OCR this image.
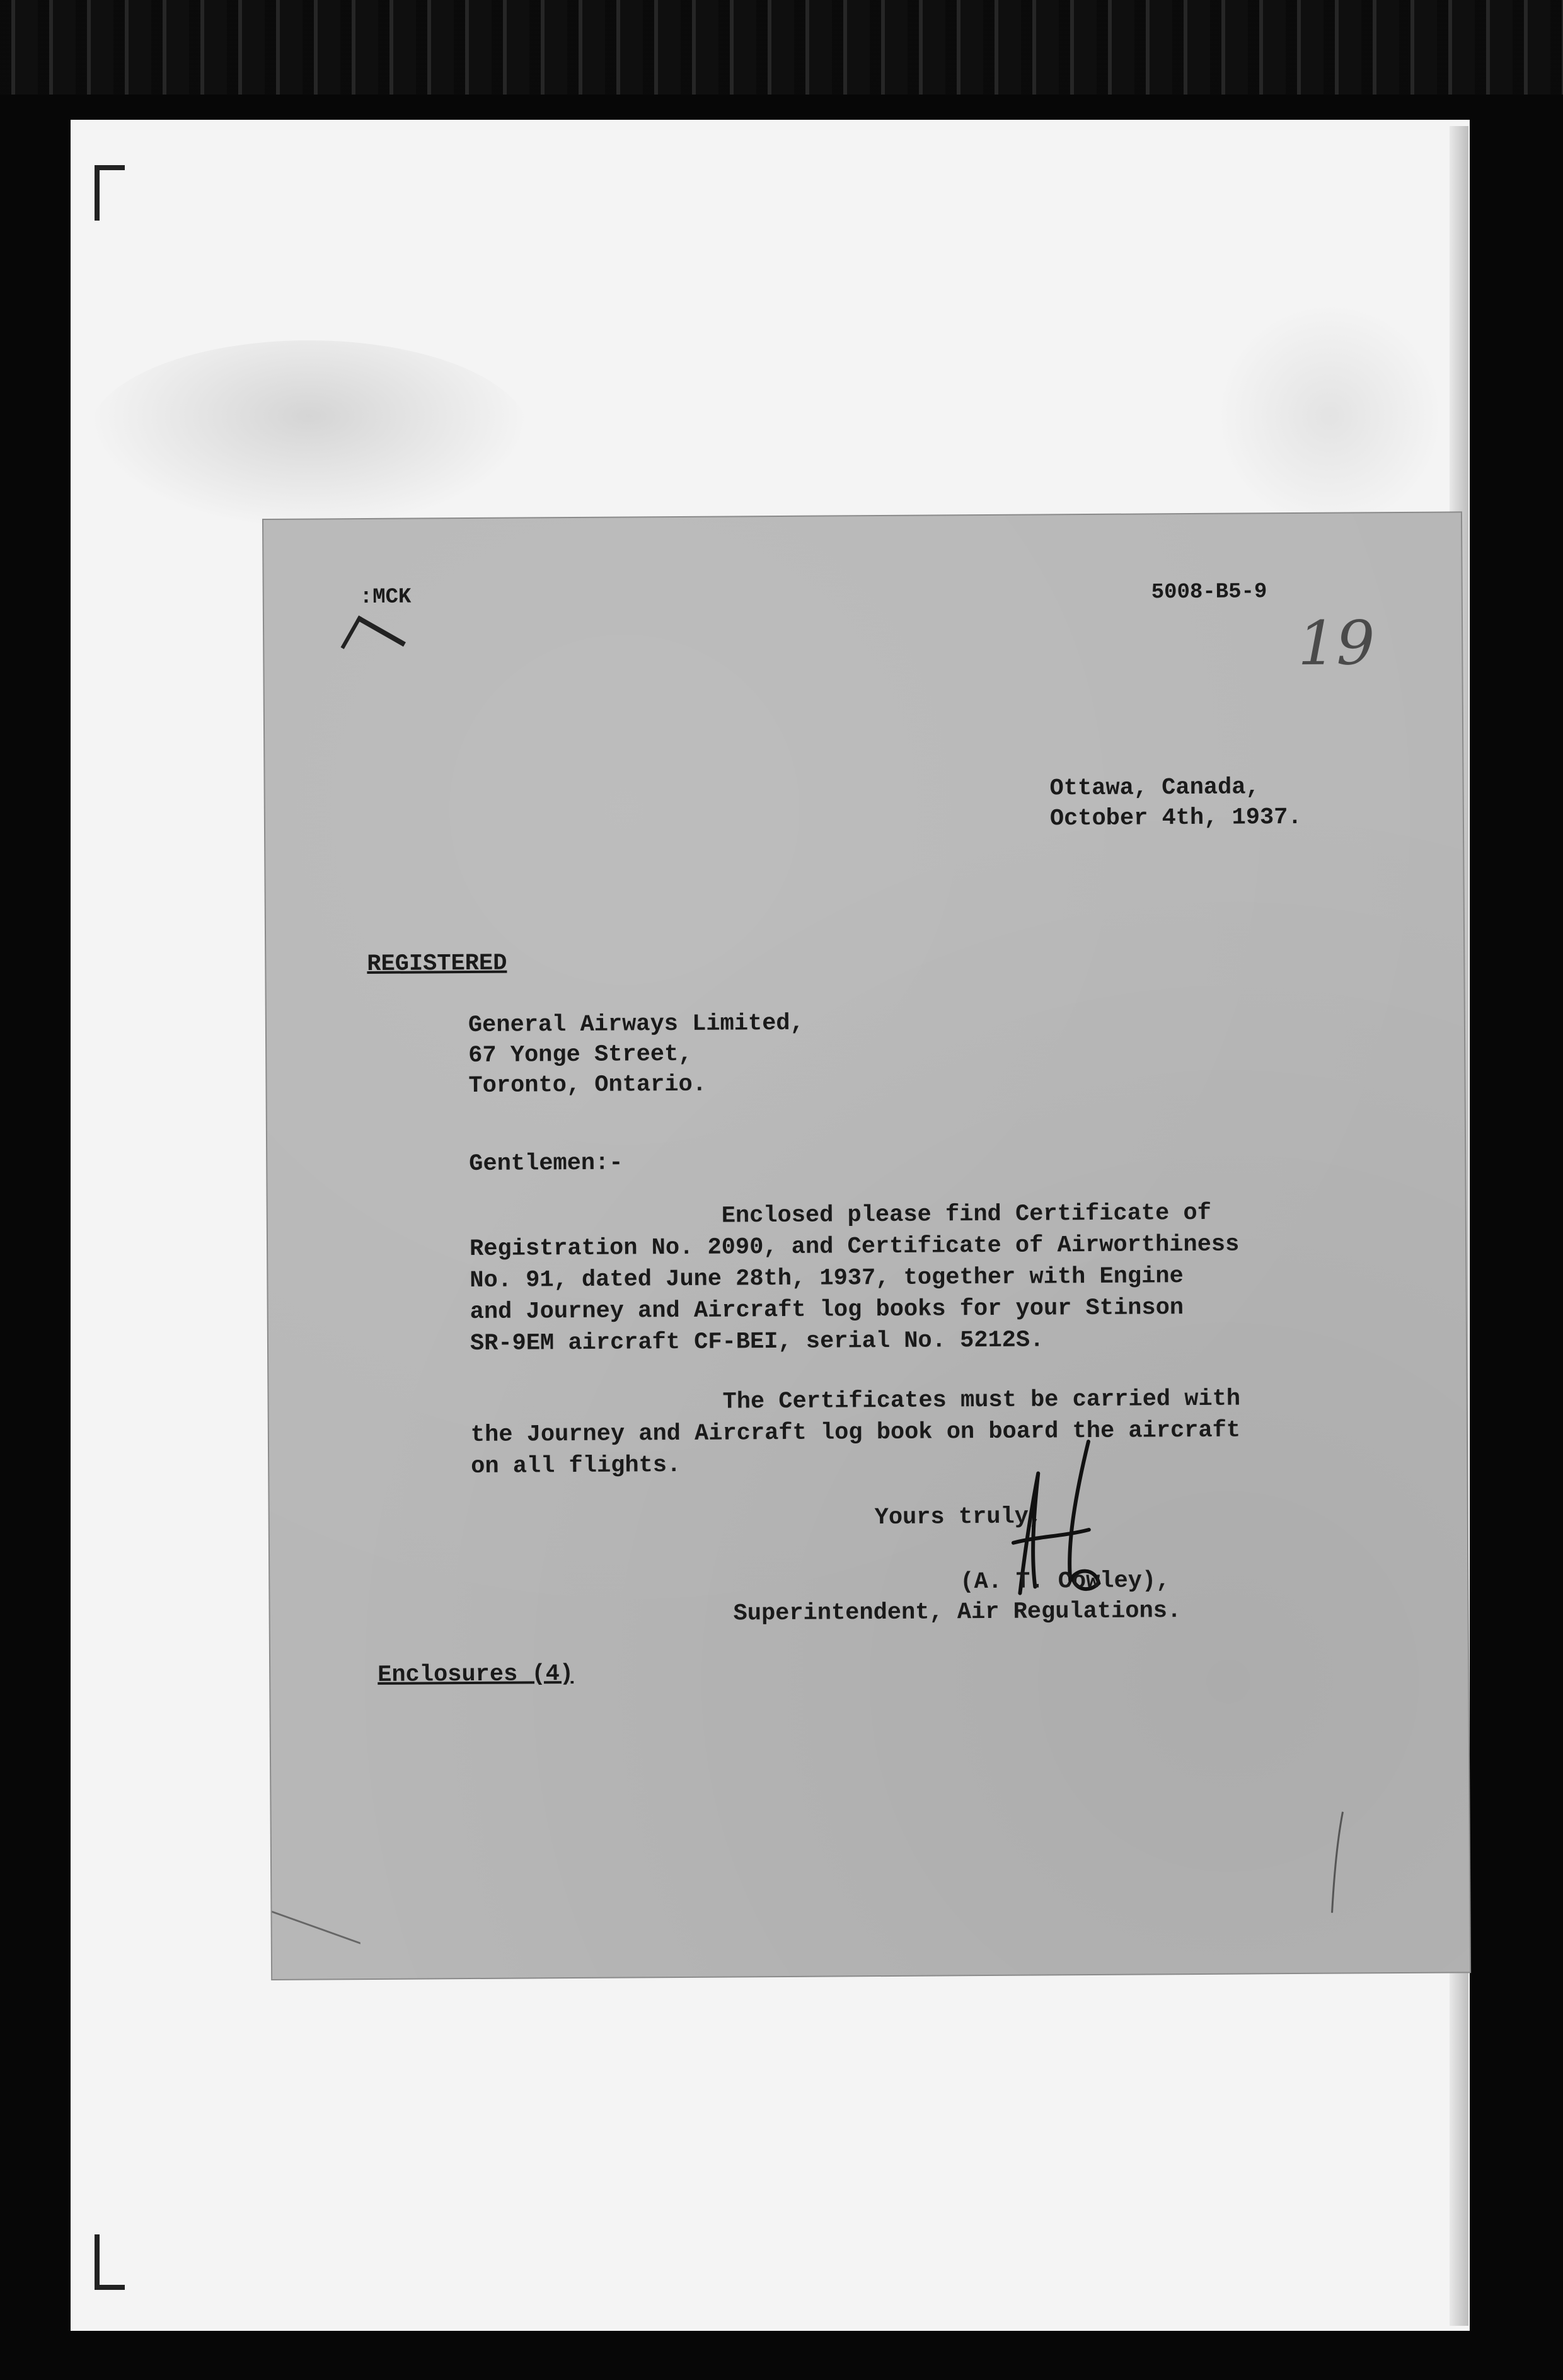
:MCK	5008-B5-9
19
Ottawa, Canada,
October 4th, 1937.
REGISTERED
General Airways Limited,
67 Yonge Street,
Toronto, Ontario.
Gentlemen:-
Enclosed please find Certificate of
Registration No. 2090, and Certificate of Airworthiness
No. 91, dated June 28th, 1937, together with Engine
and Journey and Aircraft log books for your Stinson
SR-9EM aircraft CF-BEI, serial No. 5212S.
The Certificates must be carried with
the Journey and Aircraft log book on board the aircraft
on all flights.
Yours truly,
(A. T. Cowley),
Superintendent, Air Regulations.
Enclosures (4)
